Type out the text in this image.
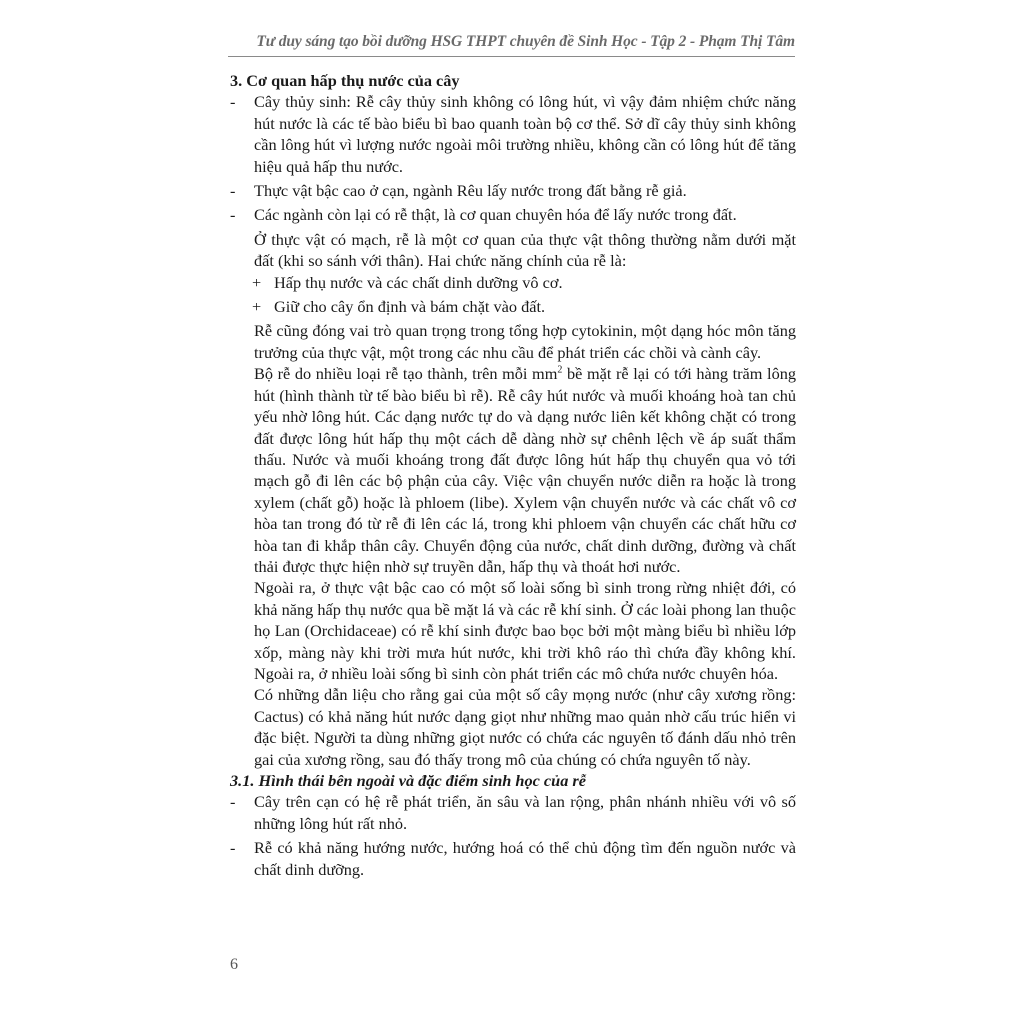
Tư duy sáng tạo bồi dưỡng HSG THPT chuyên đề Sinh Học - Tập 2 - Phạm Thị Tâm

3. Cơ quan hấp thụ nước của cây

- Cây thủy sinh: Rễ cây thủy sinh không có lông hút, vì vậy đảm nhiệm chức năng hút nước là các tế bào biểu bì bao quanh toàn bộ cơ thể. Sở dĩ cây thủy sinh không cần lông hút vì lượng nước ngoài môi trường nhiều, không cần có lông hút để tăng hiệu quả hấp thu nước.
- Thực vật bậc cao ở cạn, ngành Rêu lấy nước trong đất bằng rễ giả.
- Các ngành còn lại có rễ thật, là cơ quan chuyên hóa để lấy nước trong đất.

Ở thực vật có mạch, rễ là một cơ quan của thực vật thông thường nằm dưới mặt đất (khi so sánh với thân). Hai chức năng chính của rễ là:

+ Hấp thụ nước và các chất dinh dưỡng vô cơ.
+ Giữ cho cây ổn định và bám chặt vào đất.

Rễ cũng đóng vai trò quan trọng trong tổng hợp cytokinin, một dạng hóc môn tăng trưởng của thực vật, một trong các nhu cầu để phát triển các chồi và cành cây.

Bộ rễ do nhiều loại rễ tạo thành, trên mỗi $mm^2$ bề mặt rễ lại có tới hàng trăm lông hút (hình thành từ tế bào biểu bì rễ). Rễ cây hút nước và muối khoáng hoà tan chủ yếu nhờ lông hút. Các dạng nước tự do và dạng nước liên kết không chặt có trong đất được lông hút hấp thụ một cách dễ dàng nhờ sự chênh lệch về áp suất thẩm thấu. Nước và muối khoáng trong đất được lông hút hấp thụ chuyển qua vỏ tới mạch gỗ đi lên các bộ phận của cây. Việc vận chuyển nước diễn ra hoặc là trong xylem (chất gỗ) hoặc là phloem (libe). Xylem vận chuyển nước và các chất vô cơ hòa tan trong đó từ rễ đi lên các lá, trong khi phloem vận chuyển các chất hữu cơ hòa tan đi khắp thân cây. Chuyển động của nước, chất dinh dưỡng, đường và chất thải được thực hiện nhờ sự truyền dẫn, hấp thụ và thoát hơi nước.

Ngoài ra, ở thực vật bậc cao có một số loài sống bì sinh trong rừng nhiệt đới, có khả năng hấp thụ nước qua bề mặt lá và các rễ khí sinh. Ở các loài phong lan thuộc họ Lan (Orchidaceae) có rễ khí sinh được bao bọc bởi một màng biểu bì nhiều lớp xốp, màng này khi trời mưa hút nước, khi trời khô ráo thì chứa đầy không khí. Ngoài ra, ở nhiều loài sống bì sinh còn phát triển các mô chứa nước chuyên hóa.

Có những dẫn liệu cho rằng gai của một số cây mọng nước (như cây xương rồng: Cactus) có khả năng hút nước dạng giọt như những mao quản nhờ cấu trúc hiển vi đặc biệt. Người ta dùng những giọt nước có chứa các nguyên tố đánh dấu nhỏ trên gai của xương rồng, sau đó thấy trong mô của chúng có chứa nguyên tố này.

3.1. Hình thái bên ngoài và đặc điểm sinh học của rễ

- Cây trên cạn có hệ rễ phát triển, ăn sâu và lan rộng, phân nhánh nhiều với vô số những lông hút rất nhỏ.
- Rễ có khả năng hướng nước, hướng hoá có thể chủ động tìm đến nguồn nước và chất dinh dưỡng.
6
